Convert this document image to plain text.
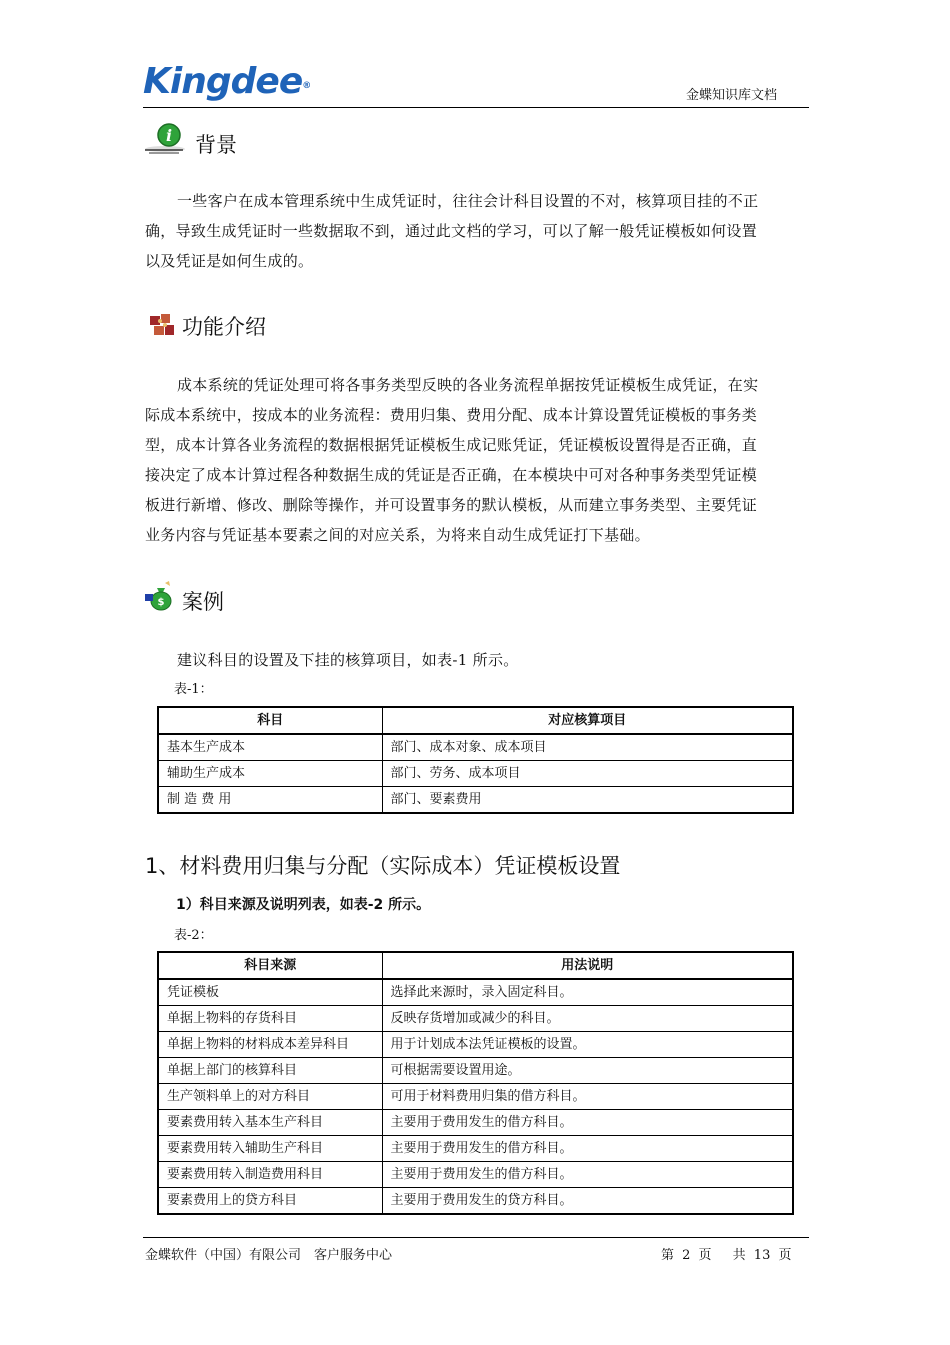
Kingdee®
金蝶知识库文档
i 背景
一些客户在成本管理系统中生成凭证时，往往会计科目设置的不对，核算项目挂的不正
确，导致生成凭证时一些数据取不到，通过此文档的学习，可以了解一般凭证模板如何设置
以及凭证是如何生成的。
功能介绍
成本系统的凭证处理可将各事务类型反映的各业务流程单据按凭证模板生成凭证，在实
际成本系统中，按成本的业务流程：费用归集、费用分配、成本计算设置凭证模板的事务类
型，成本计算各业务流程的数据根据凭证模板生成记账凭证，凭证模板设置得是否正确，直
接决定了成本计算过程各种数据生成的凭证是否正确，在本模块中可对各种事务类型凭证模
板进行新增、修改、删除等操作，并可设置事务的默认模板，从而建立事务类型、主要凭证
业务内容与凭证基本要素之间的对应关系，为将来自动生成凭证打下基础。
$ 案例
建议科目的设置及下挂的核算项目，如表-1 所示。
表-1：
科目	对应核算项目
基本生产成本	部门、成本对象、成本项目
辅助生产成本	部门、劳务、成本项目
制 造 费 用	部门、要素费用
1、材料费用归集与分配（实际成本）凭证模板设置
1）科目来源及说明列表，如表-2 所示。
表-2：
科目来源	用法说明
凭证模板	选择此来源时，录入固定科目。
单据上物料的存货科目	反映存货增加或减少的科目。
单据上物料的材料成本差异科目	用于计划成本法凭证模板的设置。
单据上部门的核算科目	可根据需要设置用途。
生产领料单上的对方科目	可用于材料费用归集的借方科目。
要素费用转入基本生产科目	主要用于费用发生的借方科目。
要素费用转入辅助生产科目	主要用于费用发生的借方科目。
要素费用转入制造费用科目	主要用于费用发生的借方科目。
要素费用上的贷方科目	主要用于费用发生的贷方科目。
金蝶软件（中国）有限公司　客户服务中心	第 2 页　 共 13 页
